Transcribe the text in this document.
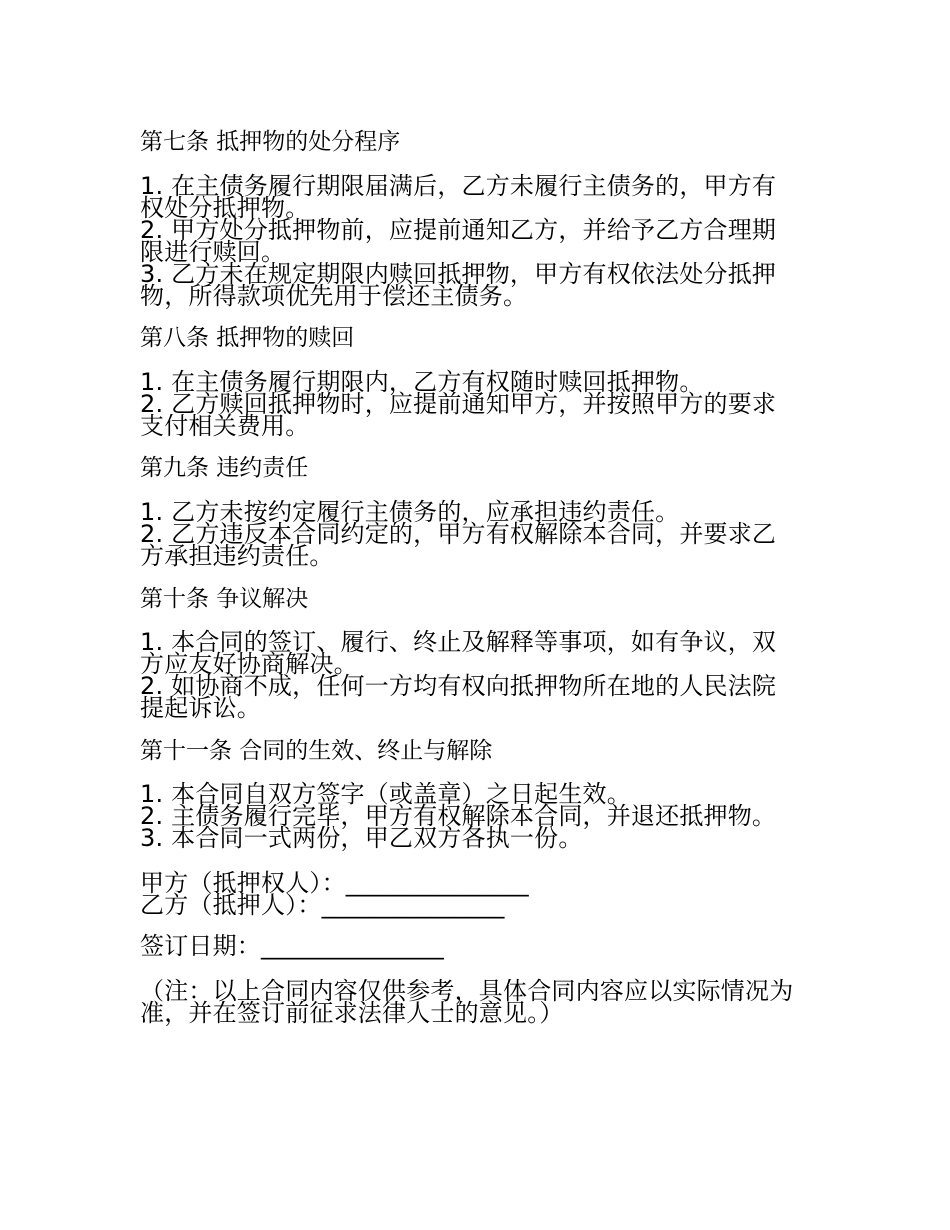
第七条 抵押物的处分程序
1. 在主债务履行期限届满后，乙方未履行主债务的，甲方有
权处分抵押物。
2. 甲方处分抵押物前，应提前通知乙方，并给予乙方合理期
限进行赎回。
3. 乙方未在规定期限内赎回抵押物，甲方有权依法处分抵押
物，所得款项优先用于偿还主债务。
第八条 抵押物的赎回
1. 在主债务履行期限内，乙方有权随时赎回抵押物。
2. 乙方赎回抵押物时，应提前通知甲方，并按照甲方的要求
支付相关费用。
第九条 违约责任
1. 乙方未按约定履行主债务的，应承担违约责任。
2. 乙方违反本合同约定的，甲方有权解除本合同，并要求乙
方承担违约责任。
第十条 争议解决
1. 本合同的签订、履行、终止及解释等事项，如有争议，双
方应友好协商解决。
2. 如协商不成，任何一方均有权向抵押物所在地的人民法院
提起诉讼。
第十一条 合同的生效、终止与解除
1. 本合同自双方签字（或盖章）之日起生效。
2. 主债务履行完毕，甲方有权解除本合同，并退还抵押物。
3. 本合同一式两份，甲乙双方各执一份。
甲方（抵押权人）：_______________
乙方（抵押人）：_______________
签订日期：_______________
（注：以上合同内容仅供参考，具体合同内容应以实际情况为
准，并在签订前征求法律人士的意见。）
